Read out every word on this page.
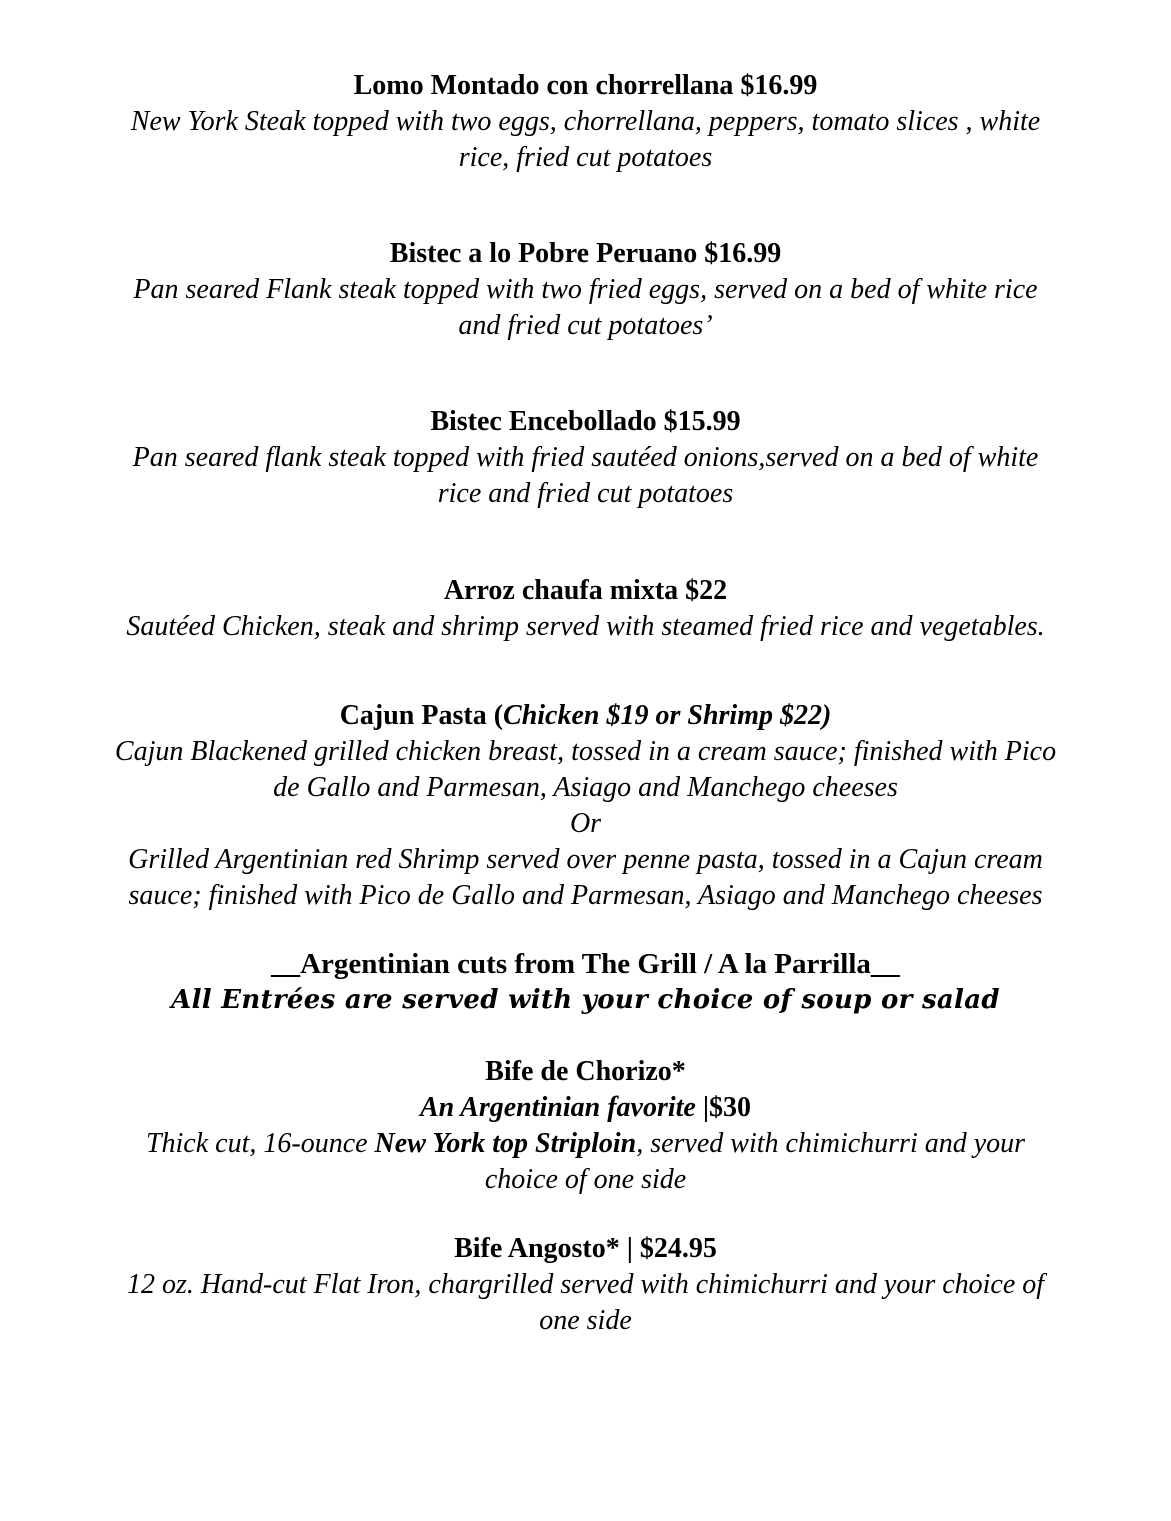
Lomo Montado con chorrellana $16.99
New York Steak topped with two eggs, chorrellana, peppers, tomato slices , white
rice, fried cut potatoes
Bistec a lo Pobre Peruano $16.99
Pan seared Flank steak topped with two fried eggs, served on a bed of white rice
and fried cut potatoes’
Bistec Encebollado $15.99
Pan seared flank steak topped with fried sautéed onions,served on a bed of white
rice and fried cut potatoes
Arroz chaufa mixta $22
Sautéed Chicken, steak and shrimp served with steamed fried rice and vegetables.
Cajun Pasta (Chicken $19 or Shrimp $22)
Cajun Blackened grilled chicken breast, tossed in a cream sauce; finished with Pico
de Gallo and Parmesan, Asiago and Manchego cheeses
Or
Grilled Argentinian red Shrimp served over penne pasta, tossed in a Cajun cream
sauce; finished with Pico de Gallo and Parmesan, Asiago and Manchego cheeses
__Argentinian cuts from The Grill / A la Parrilla__
All Entrées are served with your choice of soup or salad
Bife de Chorizo*
An Argentinian favorite |$30
Thick cut, 16-ounce New York top Striploin, served with chimichurri and your
choice of one side
Bife Angosto* | $24.95
12 oz. Hand-cut Flat Iron, chargrilled served with chimichurri and your choice of
one side
